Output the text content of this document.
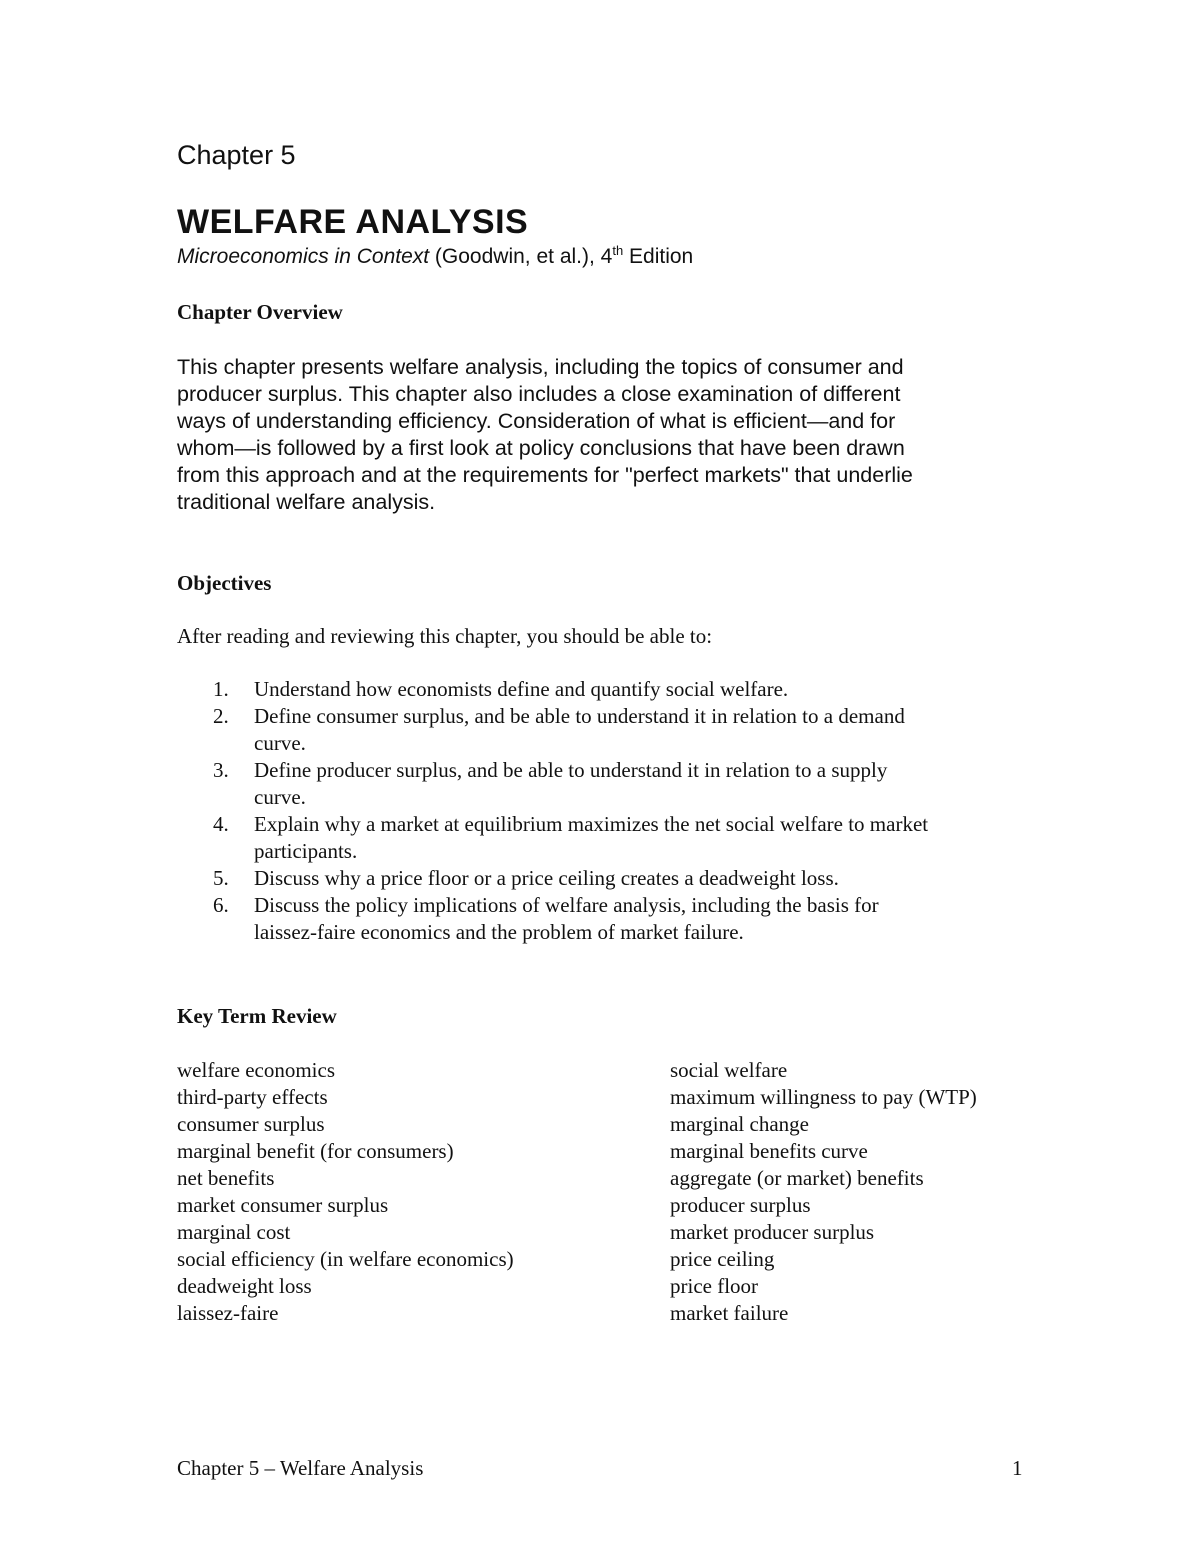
Chapter 5
WELFARE ANALYSIS
Microeconomics in Context (Goodwin, et al.), 4th Edition
Chapter Overview

This chapter presents welfare analysis, including the topics of consumer and

producer surplus. This chapter also includes a close examination of different

ways of understanding efficiency. Consideration of what is efficient—and for

whom—is followed by a first look at policy conclusions that have been drawn

from this approach and at the requirements for "perfect markets" that underlie

traditional welfare analysis.

Objectives
After reading and reviewing this chapter, you should be able to:
1. Understand how economists define and quantify social welfare.
2. Define consumer surplus, and be able to understand it in relation to a demand
curve.
3. Define producer surplus, and be able to understand it in relation to a supply
curve.
4. Explain why a market at equilibrium maximizes the net social welfare to market
participants.
5. Discuss why a price floor or a price ceiling creates a deadweight loss.
6. Discuss the policy implications of welfare analysis, including the basis for
laissez-faire economics and the problem of market failure.
Key Term Review
welfare economics
third-party effects
consumer surplus
marginal benefit (for consumers)
net benefits
market consumer surplus
marginal cost
social efficiency (in welfare economics)
deadweight loss
laissez-faire
social welfare
maximum willingness to pay (WTP)
marginal change
marginal benefits curve
aggregate (or market) benefits
producer surplus
market producer surplus
price ceiling
price floor
market failure
Chapter 5 – Welfare Analysis	1
